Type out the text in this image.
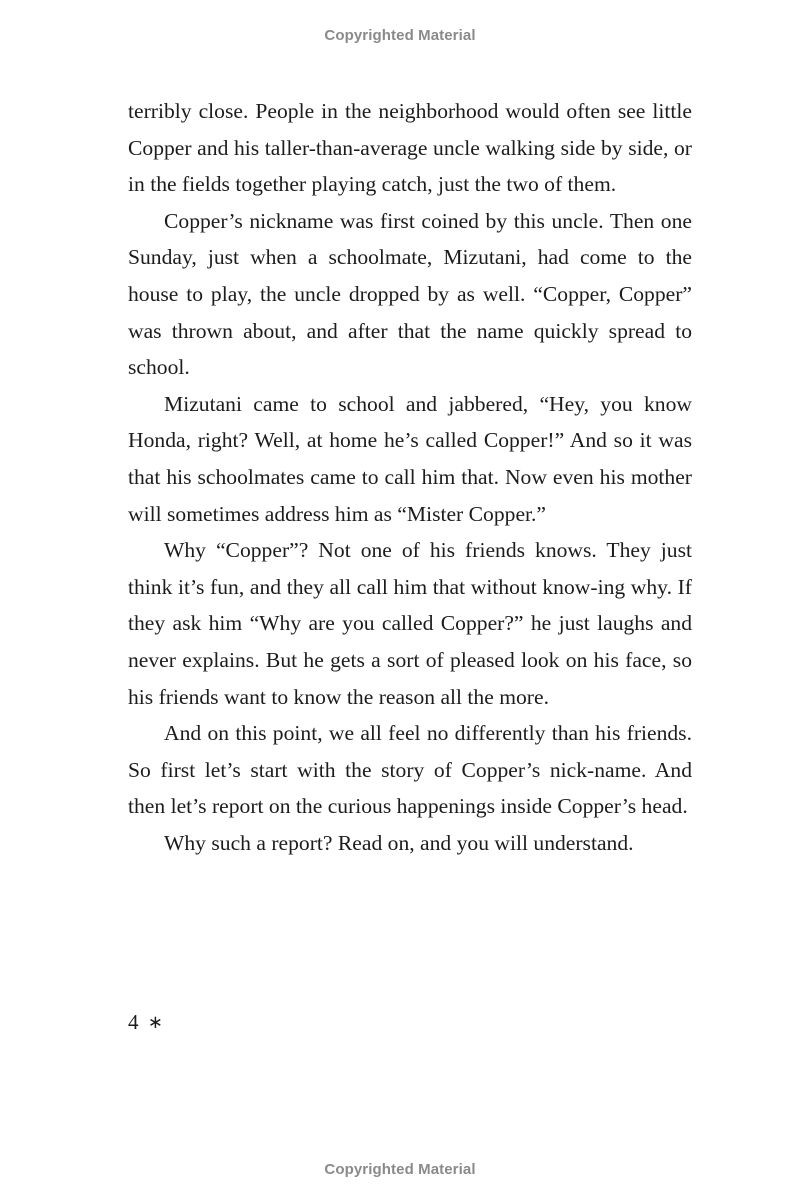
Copyrighted Material

terribly close. People in the neighborhood would often see little Copper and his taller-than-average uncle walking side by side, or in the fields together playing catch, just the two of them.

Copper’s nickname was first coined by this uncle. Then one Sunday, just when a schoolmate, Mizutani, had come to the house to play, the uncle dropped by as well. “Copper, Copper” was thrown about, and after that the name quickly spread to school.

Mizutani came to school and jabbered, “Hey, you know Honda, right? Well, at home he’s called Copper!” And so it was that his schoolmates came to call him that. Now even his mother will sometimes address him as “Mister Copper.”

Why “Copper”? Not one of his friends knows. They just think it’s fun, and they all call him that without know-ing why. If they ask him “Why are you called Copper?” he just laughs and never explains. But he gets a sort of pleased look on his face, so his friends want to know the reason all the more.

And on this point, we all feel no differently than his friends. So first let’s start with the story of Copper’s nick-name. And then let’s report on the curious happenings inside Copper’s head.

Why such a report? Read on, and you will understand.

4 ∗
Copyrighted Material
